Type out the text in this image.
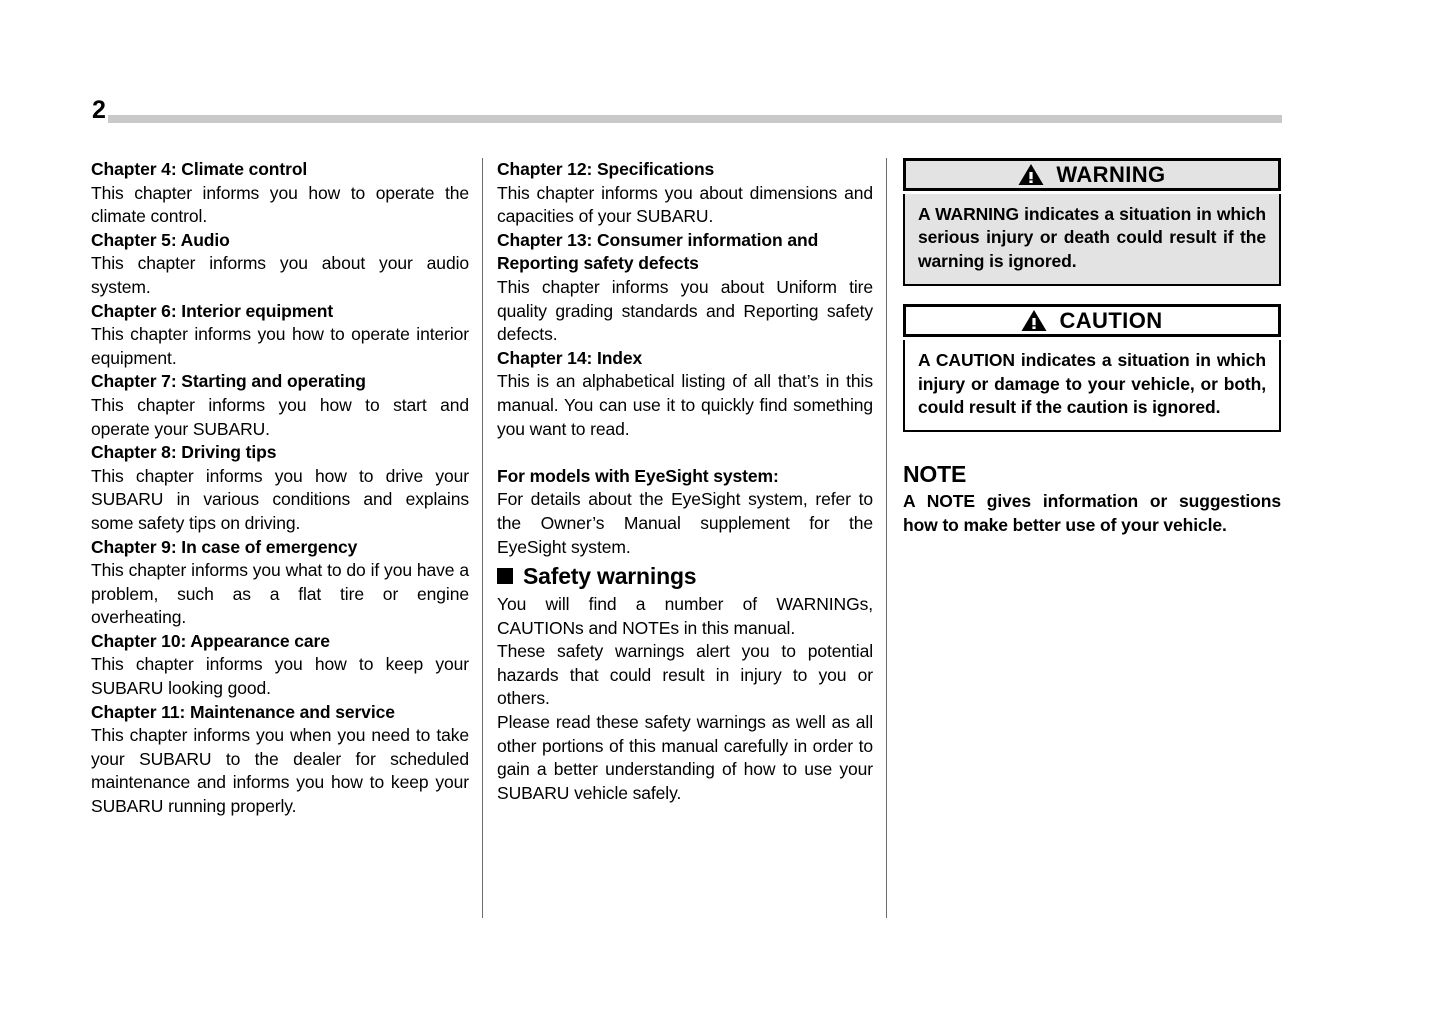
2
Chapter 4: Climate control

This chapter informs you how to operate the climate control.

Chapter 5: Audio

This chapter informs you about your audio system.

Chapter 6: Interior equipment

This chapter informs you how to operate interior equipment.

Chapter 7: Starting and operating

This chapter informs you how to start and operate your SUBARU.

Chapter 8: Driving tips

This chapter informs you how to drive your SUBARU in various conditions and explains some safety tips on driving.

Chapter 9: In case of emergency

This chapter informs you what to do if you have a problem, such as a flat tire or engine overheating.

Chapter 10: Appearance care

This chapter informs you how to keep your SUBARU looking good.

Chapter 11: Maintenance and service

This chapter informs you when you need to take your SUBARU to the dealer for scheduled maintenance and informs you how to keep your SUBARU running properly.

Chapter 12: Specifications

This chapter informs you about dimensions and capacities of your SUBARU.

Chapter 13: Consumer information and Reporting safety defects

This chapter informs you about Uniform tire quality grading standards and Reporting safety defects.

Chapter 14: Index

This is an alphabetical listing of all that’s in this manual. You can use it to quickly find something you want to read.

For models with EyeSight system:

For details about the EyeSight system, refer to the Owner’s Manual supplement for the EyeSight system.

Safety warnings

You will find a number of WARNINGs, CAUTIONs and NOTEs in this manual.

These safety warnings alert you to potential hazards that could result in injury to you or others.

Please read these safety warnings as well as all other portions of this manual carefully in order to gain a better understanding of how to use your SUBARU vehicle safely.

WARNING

A WARNING indicates a situation in which serious injury or death could result if the warning is ignored.

CAUTION

A CAUTION indicates a situation in which injury or damage to your vehicle, or both, could result if the caution is ignored.

NOTE

A NOTE gives information or suggestions how to make better use of your vehicle.
